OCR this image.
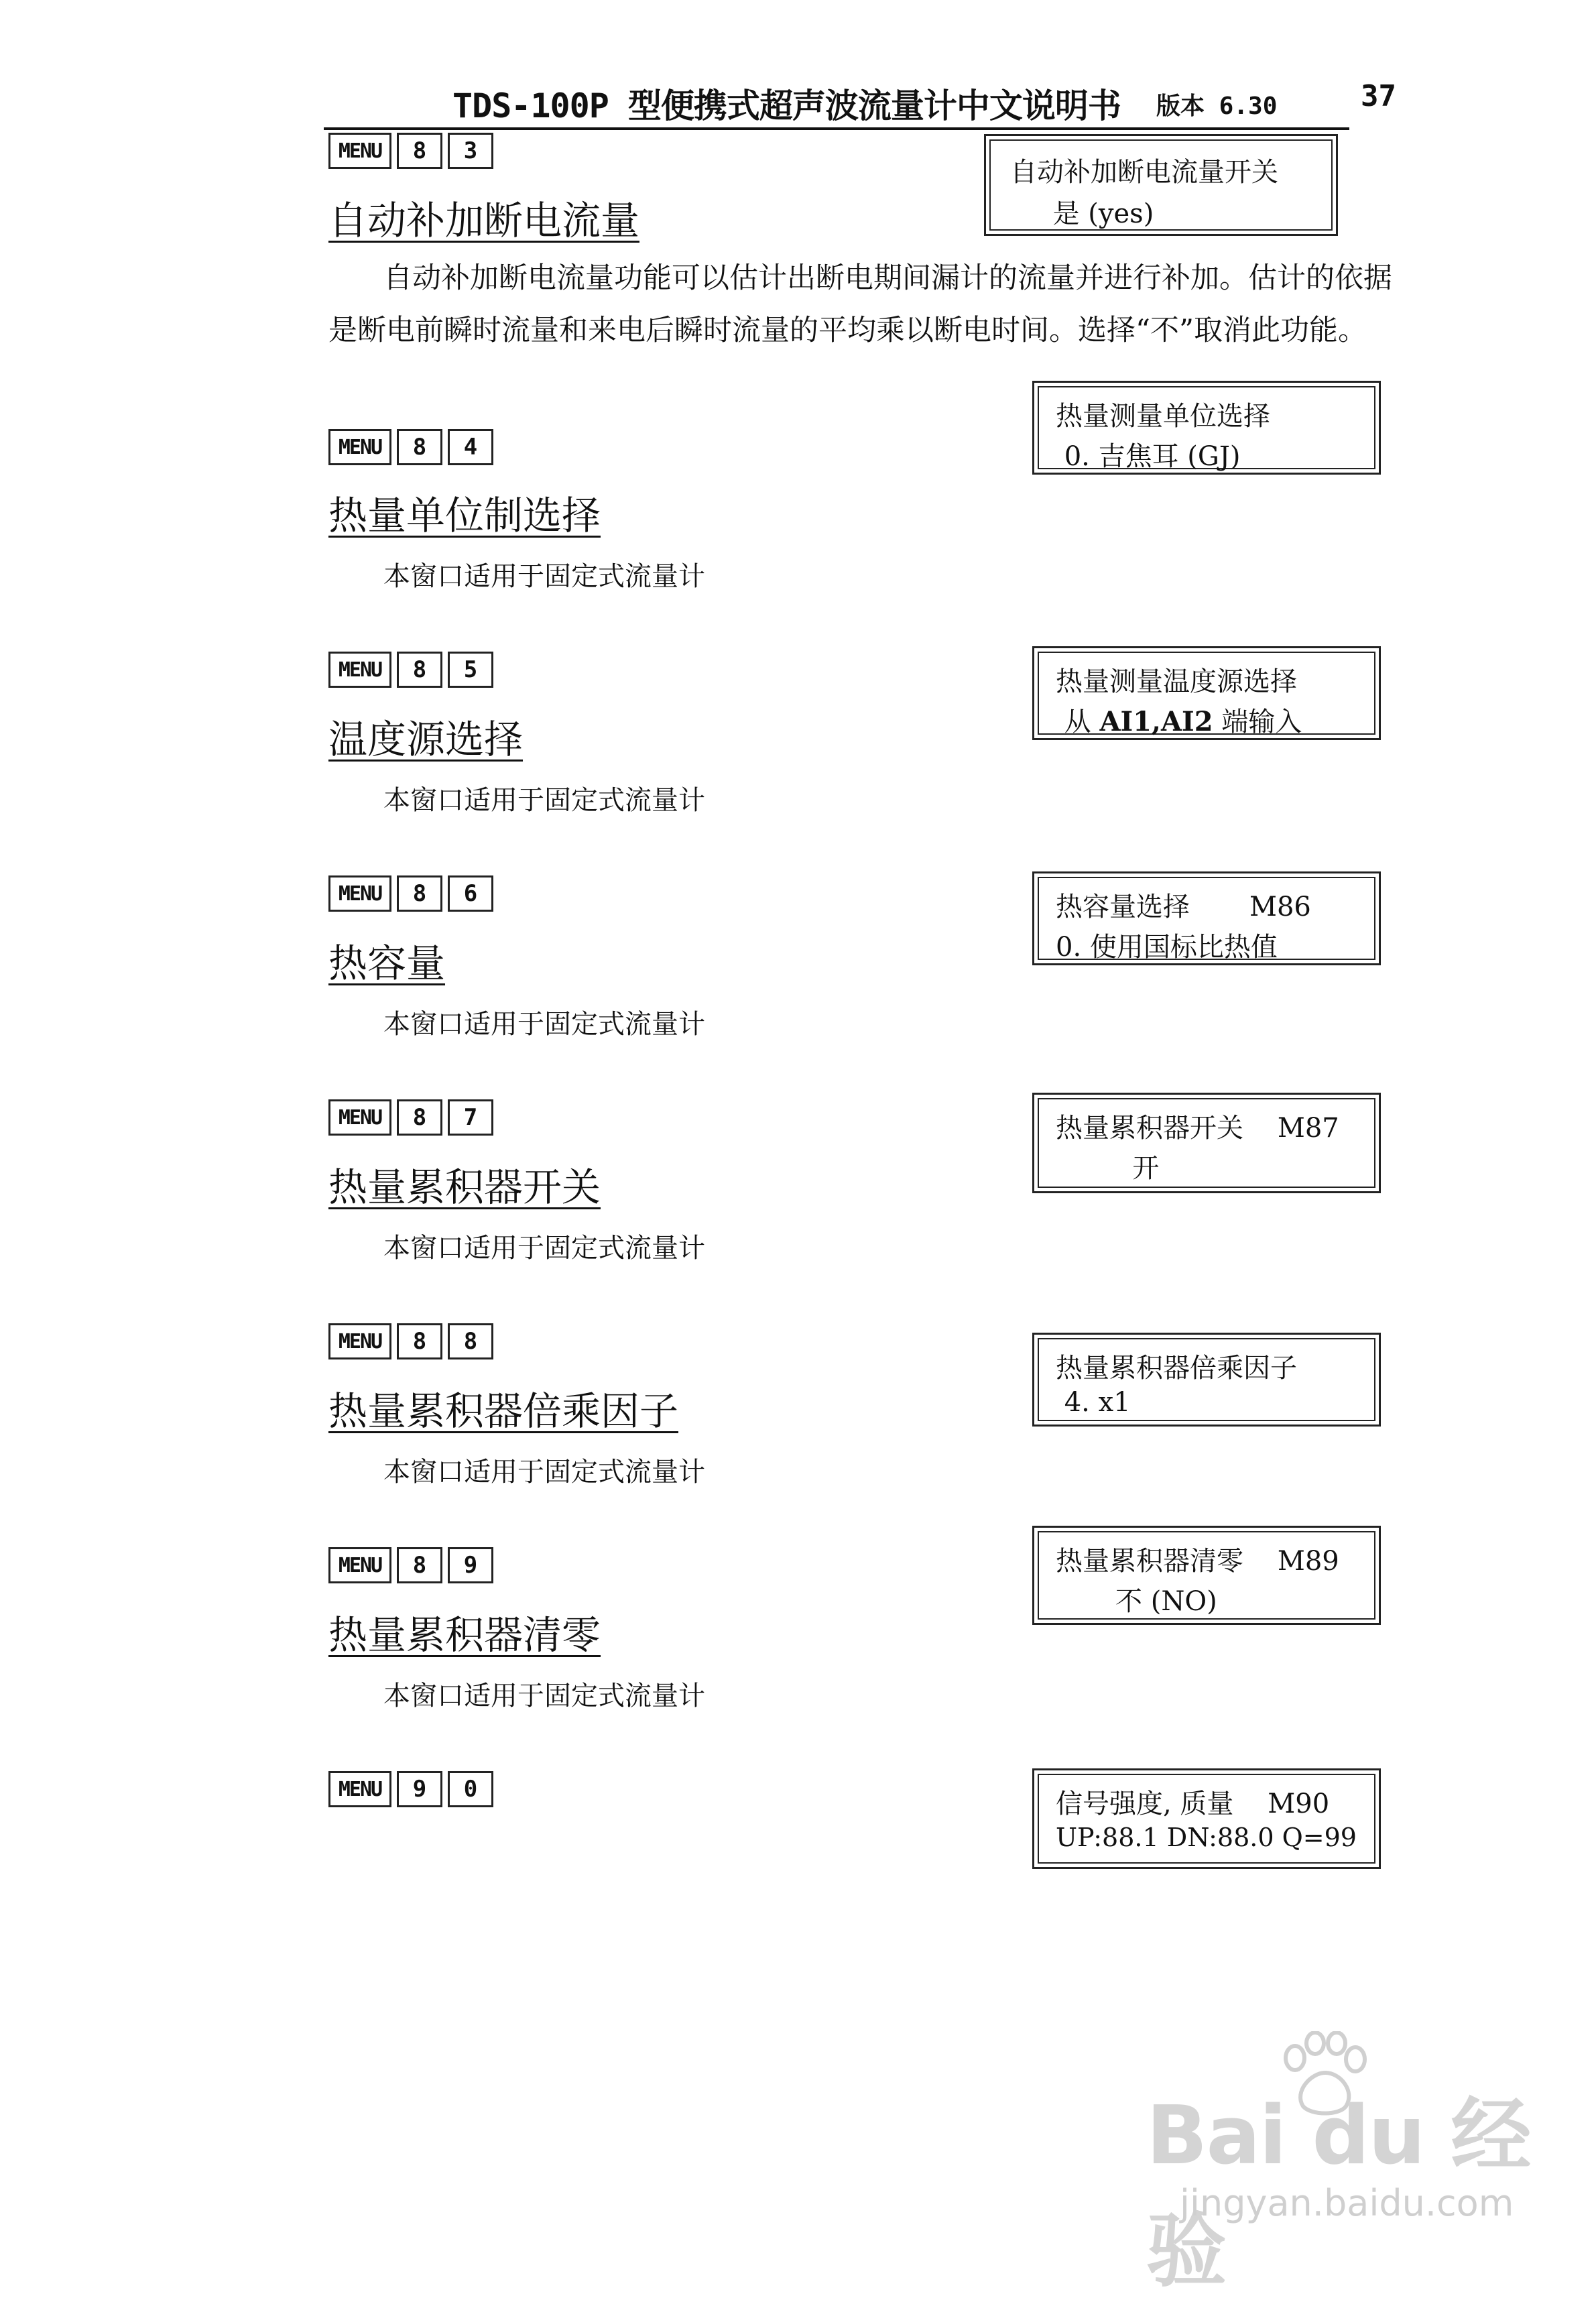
TDS-100P 型便携式超声波流量计中文说明书 版本 6.30	37
MENU	8	3
自动补加断电流量
自动补加断电流量开关
是 (yes)
自动补加断电流量功能可以估计出断电期间漏计的流量并进行补加。估计的依据
是断电前瞬时流量和来电后瞬时流量的平均乘以断电时间。选择“不”取消此功能。
热量测量单位选择
0. 吉焦耳 (GJ)
MENU	8	4
热量单位制选择
本窗口适用于固定式流量计
MENU	8	5	热量测量温度源选择
从 AI1,AI2 端输入
温度源选择
本窗口适用于固定式流量计
MENU	8	6	热容量选择       M86
0. 使用国标比热值
热容量
本窗口适用于固定式流量计
MENU	8	7	热量累积器开关    M87
开
热量累积器开关
本窗口适用于固定式流量计
MENU	8	8
热量累积器倍乘因子
4. x1
热量累积器倍乘因子
本窗口适用于固定式流量计
热量累积器清零    M89
不 (NO)
MENU	8	9
热量累积器清零
本窗口适用于固定式流量计
MENU	9	0	信号强度, 质量    M90
UP:88.1 DN:88.0 Q=99
Bai du 经验
jingyan.baidu.com
